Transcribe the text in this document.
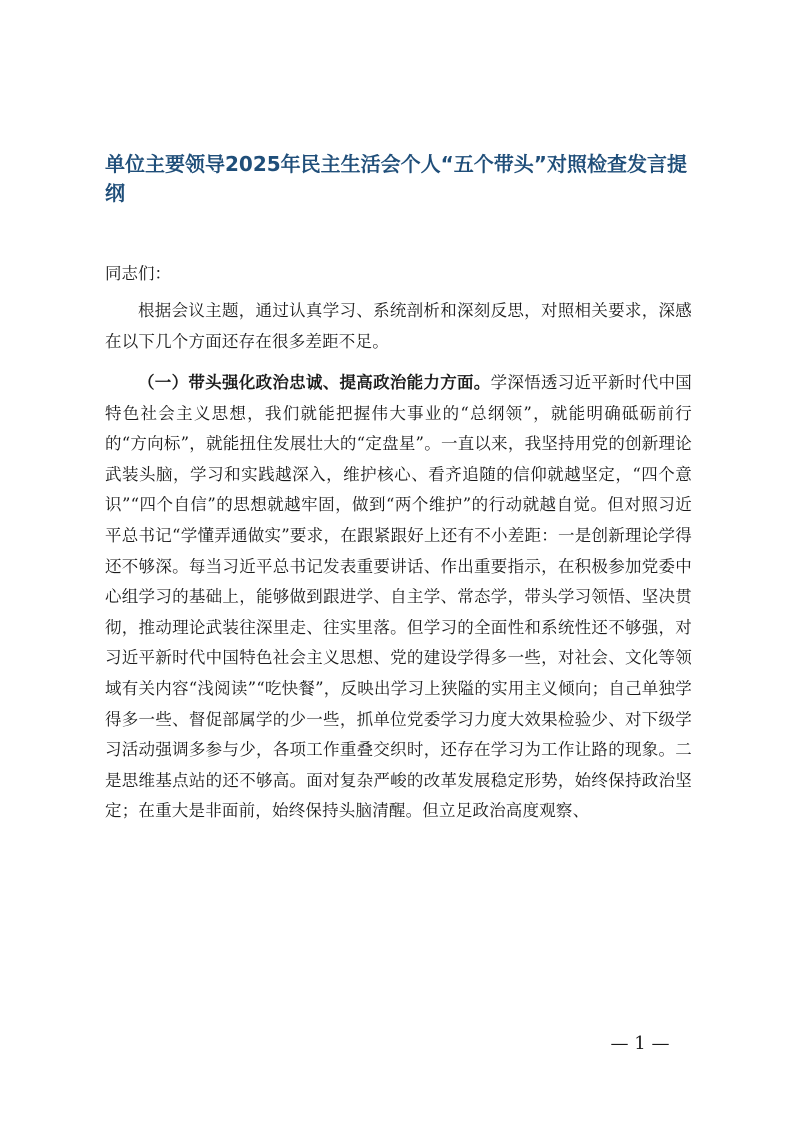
单位主要领导2025年民主生活会个人“五个带头”对照检查发言提纲

同志们：

根据会议主题，通过认真学习、系统剖析和深刻反思，对照相关要求，深感在以下几个方面还存在很多差距不足。

（一）带头强化政治忠诚、提高政治能力方面。学深悟透习近平新时代中国特色社会主义思想，我们就能把握伟大事业的“总纲领”，就能明确砥砺前行的“方向标”，就能扭住发展壮大的“定盘星”。一直以来，我坚持用党的创新理论武装头脑，学习和实践越深入，维护核心、看齐追随的信仰就越坚定，“四个意识”“四个自信”的思想就越牢固，做到“两个维护”的行动就越自觉。但对照习近平总书记“学懂弄通做实”要求，在跟紧跟好上还有不小差距：一是创新理论学得还不够深。每当习近平总书记发表重要讲话、作出重要指示，在积极参加党委中心组学习的基础上，能够做到跟进学、自主学、常态学，带头学习领悟、坚决贯彻，推动理论武装往深里走、往实里落。但学习的全面性和系统性还不够强，对习近平新时代中国特色社会主义思想、党的建设学得多一些，对社会、文化等领域有关内容“浅阅读”“吃快餐”，反映出学习上狭隘的实用主义倾向；自己单独学得多一些、督促部属学的少一些，抓单位党委学习力度大效果检验少、对下级学习活动强调多参与少，各项工作重叠交织时，还存在学习为工作让路的现象。二是思维基点站的还不够高。面对复杂严峻的改革发展稳定形势，始终保持政治坚定；在重大是非面前，始终保持头脑清醒。但立足政治高度观察、

— 1 —
